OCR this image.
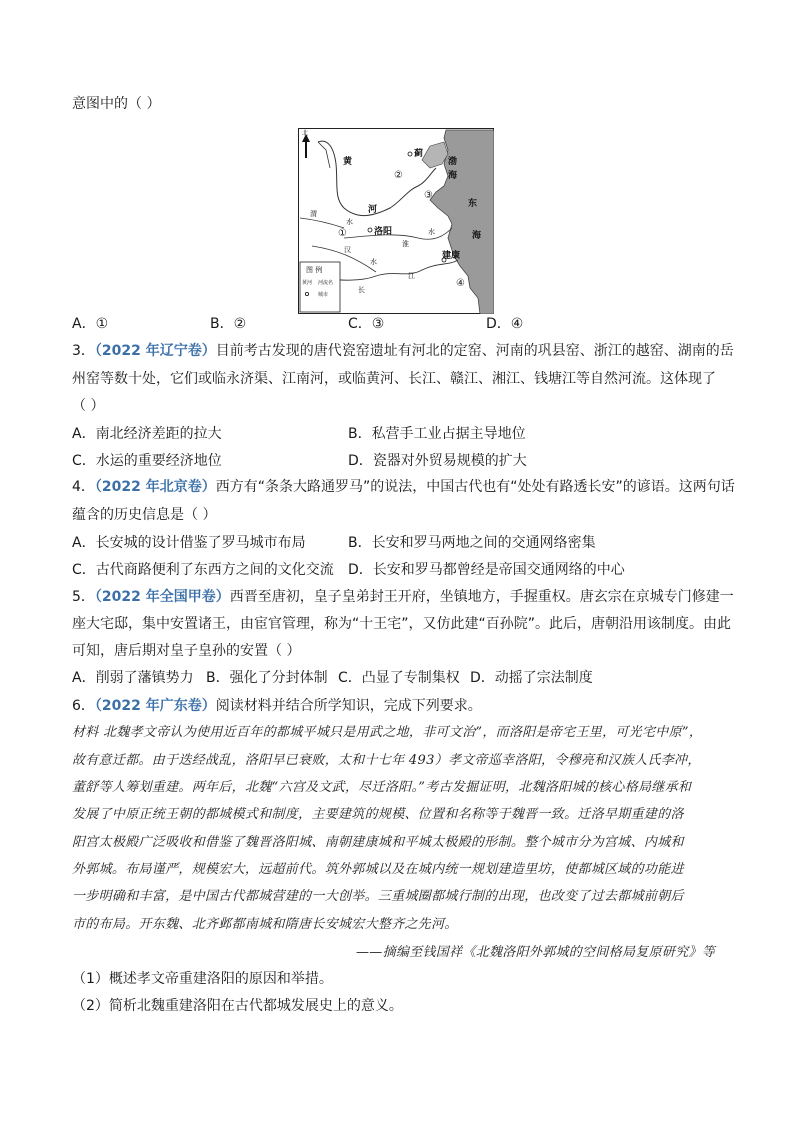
意图中的（ ）
北
图 例
黄河 河流名
城市
黄
河
蓟
渤
海
东
海
洛阳
建康
渭
水
淮
水
汉
水
长
江
①
②
③
④
A．①	B．②	C．③	D．④
3．（2022 年辽宁卷）目前考古发现的唐代瓷窑遗址有河北的定窑、河南的巩县窑、浙江的越窑、湖南的岳
州窑等数十处，它们或临永济渠、江南河，或临黄河、长江、赣江、湘江、钱塘江等自然河流。这体现了
（ ）
A．南北经济差距的拉大	B．私营手工业占据主导地位
C．水运的重要经济地位	D．瓷器对外贸易规模的扩大
4．（2022 年北京卷）西方有“条条大路通罗马”的说法，中国古代也有“处处有路透长安”的谚语。这两句话
蕴含的历史信息是（ ）
A．长安城的设计借鉴了罗马城市布局	B．长安和罗马两地之间的交通网络密集
C．古代商路便利了东西方之间的文化交流 D．长安和罗马都曾经是帝国交通网络的中心
5．（2022 年全国甲卷）西晋至唐初，皇子皇弟封王开府，坐镇地方，手握重权。唐玄宗在京城专门修建一
座大宅邸，集中安置诸王，由宦官管理，称为“十王宅”，又仿此建“百孙院”。此后，唐朝沿用该制度。由此
可知，唐后期对皇子皇孙的安置（ ）
A．削弱了藩镇势力 B．强化了分封体制 C．凸显了专制集权 D．动摇了宗法制度
6．（2022 年广东卷）阅读材料并结合所学知识，完成下列要求。
材料 北魏孝文帝认为使用近百年的都城平城只是用武之地，非可文治”，而洛阳是帝宅王里，可光宅中原”，
故有意迁都。由于迭经战乱，洛阳早已衰败，太和十七年 493）孝文帝巡幸洛阳，令穆亮和汉族人氏李冲，
董舒等人筹划重建。两年后，北魏“六宫及文武，尽迁洛阳。”考古发掘证明，北魏洛阳城的核心格局继承和
发展了中原正统王朝的都城模式和制度，主要建筑的规模、位置和名称等于魏晋一致。迁洛早期重建的洛
阳宫太极殿广泛吸收和借鉴了魏晋洛阳城、南朝建康城和平城太极殿的形制。整个城市分为宫城、内城和
外郭城。布局谨严，规模宏大，远超前代。筑外郭城以及在城内统一规划建造里坊，使都城区域的功能进
一步明确和丰富，是中国古代都城营建的一大创举。三重城圈都城行制的出现，也改变了过去都城前朝后
市的布局。开东魏、北齐邺都南城和隋唐长安城宏大整齐之先河。
——摘编至钱国祥《北魏洛阳外郭城的空间格局复原研究》等
（1）概述孝文帝重建洛阳的原因和举措。
（2）简析北魏重建洛阳在古代都城发展史上的意义。
